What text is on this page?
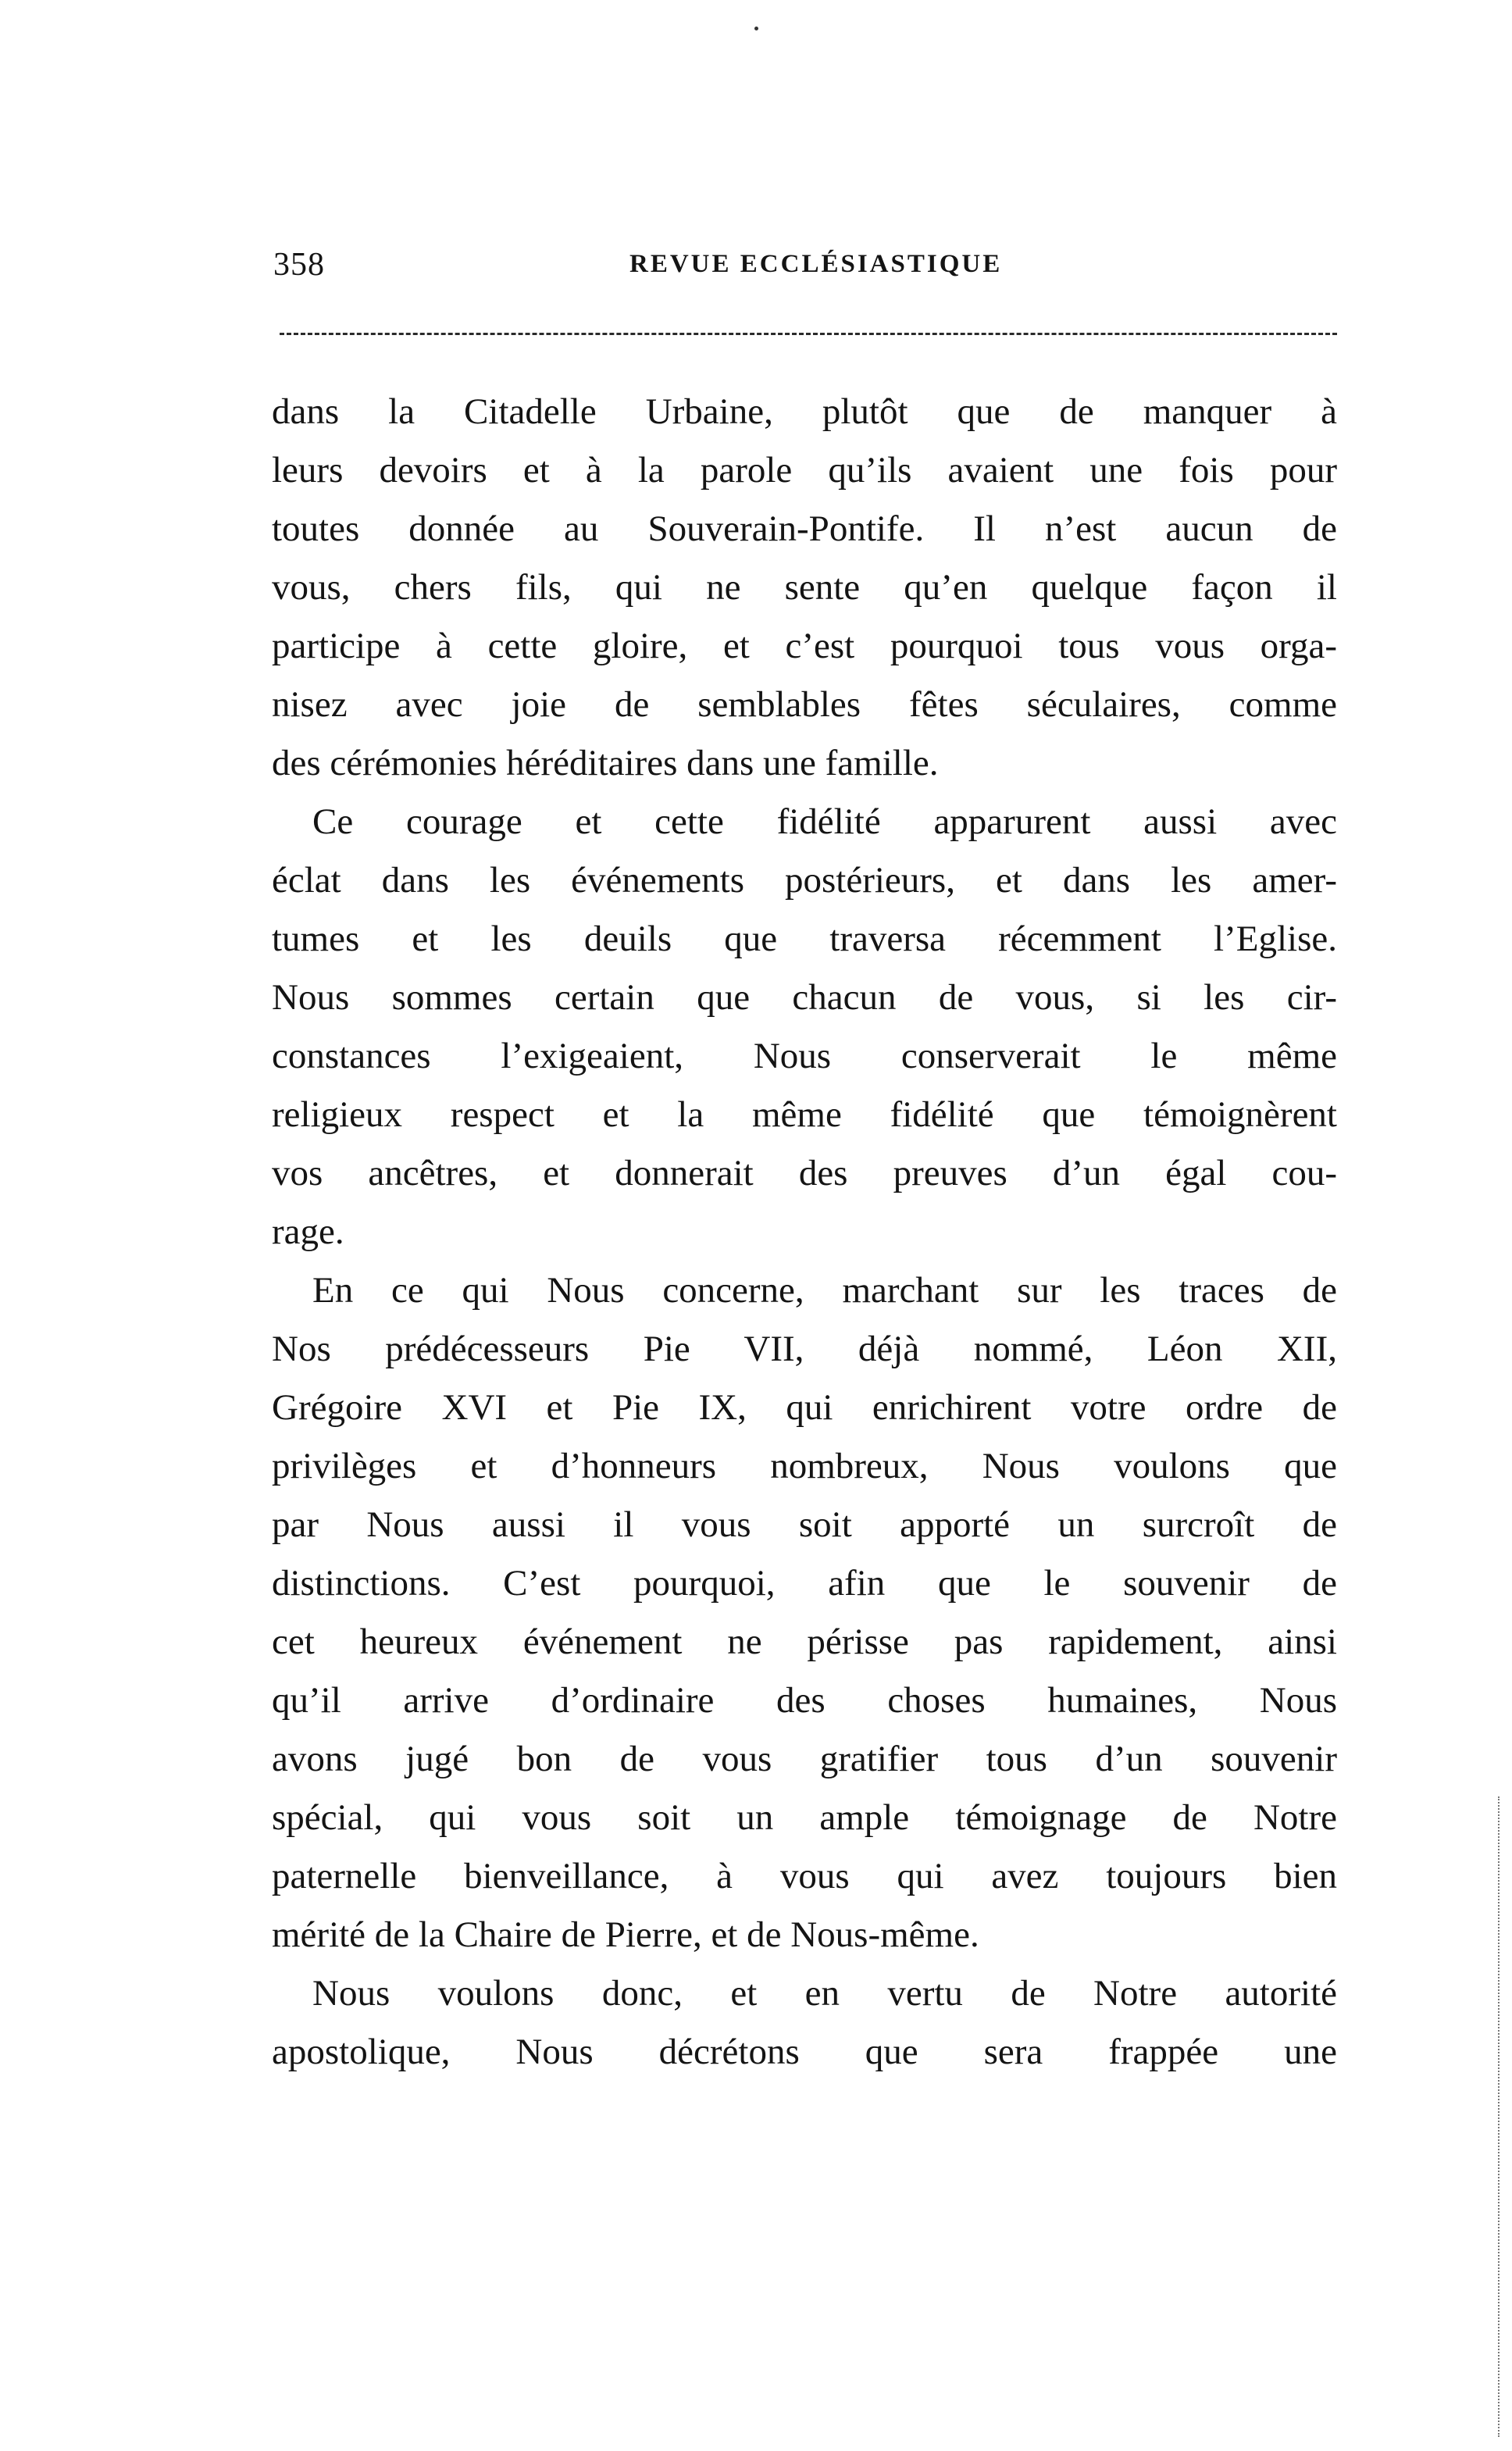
358	REVUE ECCLÉSIASTIQUE
dans la Citadelle Urbaine, plutôt que de manquer à
leurs devoirs et à la parole qu’ils avaient une fois pour
toutes donnée au Souverain-Pontife. Il n’est aucun de
vous, chers fils, qui ne sente qu’en quelque façon il
participe à cette gloire, et c’est pourquoi tous vous orga-
nisez avec joie de semblables fêtes séculaires, comme
des cérémonies héréditaires dans une famille.
Ce courage et cette fidélité apparurent aussi avec
éclat dans les événements postérieurs, et dans les amer-
tumes et les deuils que traversa récemment l’Eglise.
Nous sommes certain que chacun de vous, si les cir-
constances l’exigeaient, Nous conserverait le même
religieux respect et la même fidélité que témoignèrent
vos ancêtres, et donnerait des preuves d’un égal cou-
rage.
En ce qui Nous concerne, marchant sur les traces de
Nos prédécesseurs Pie VII, déjà nommé, Léon XII,
Grégoire XVI et Pie IX, qui enrichirent votre ordre de
privilèges et d’honneurs nombreux, Nous voulons que
par Nous aussi il vous soit apporté un surcroît de
distinctions. C’est pourquoi, afin que le souvenir de
cet heureux événement ne périsse pas rapidement, ainsi
qu’il arrive d’ordinaire des choses humaines, Nous
avons jugé bon de vous gratifier tous d’un souvenir
spécial, qui vous soit un ample témoignage de Notre
paternelle bienveillance, à vous qui avez toujours bien
mérité de la Chaire de Pierre, et de Nous-même.
Nous voulons donc, et en vertu de Notre autorité
apostolique, Nous décrétons que sera frappée une
